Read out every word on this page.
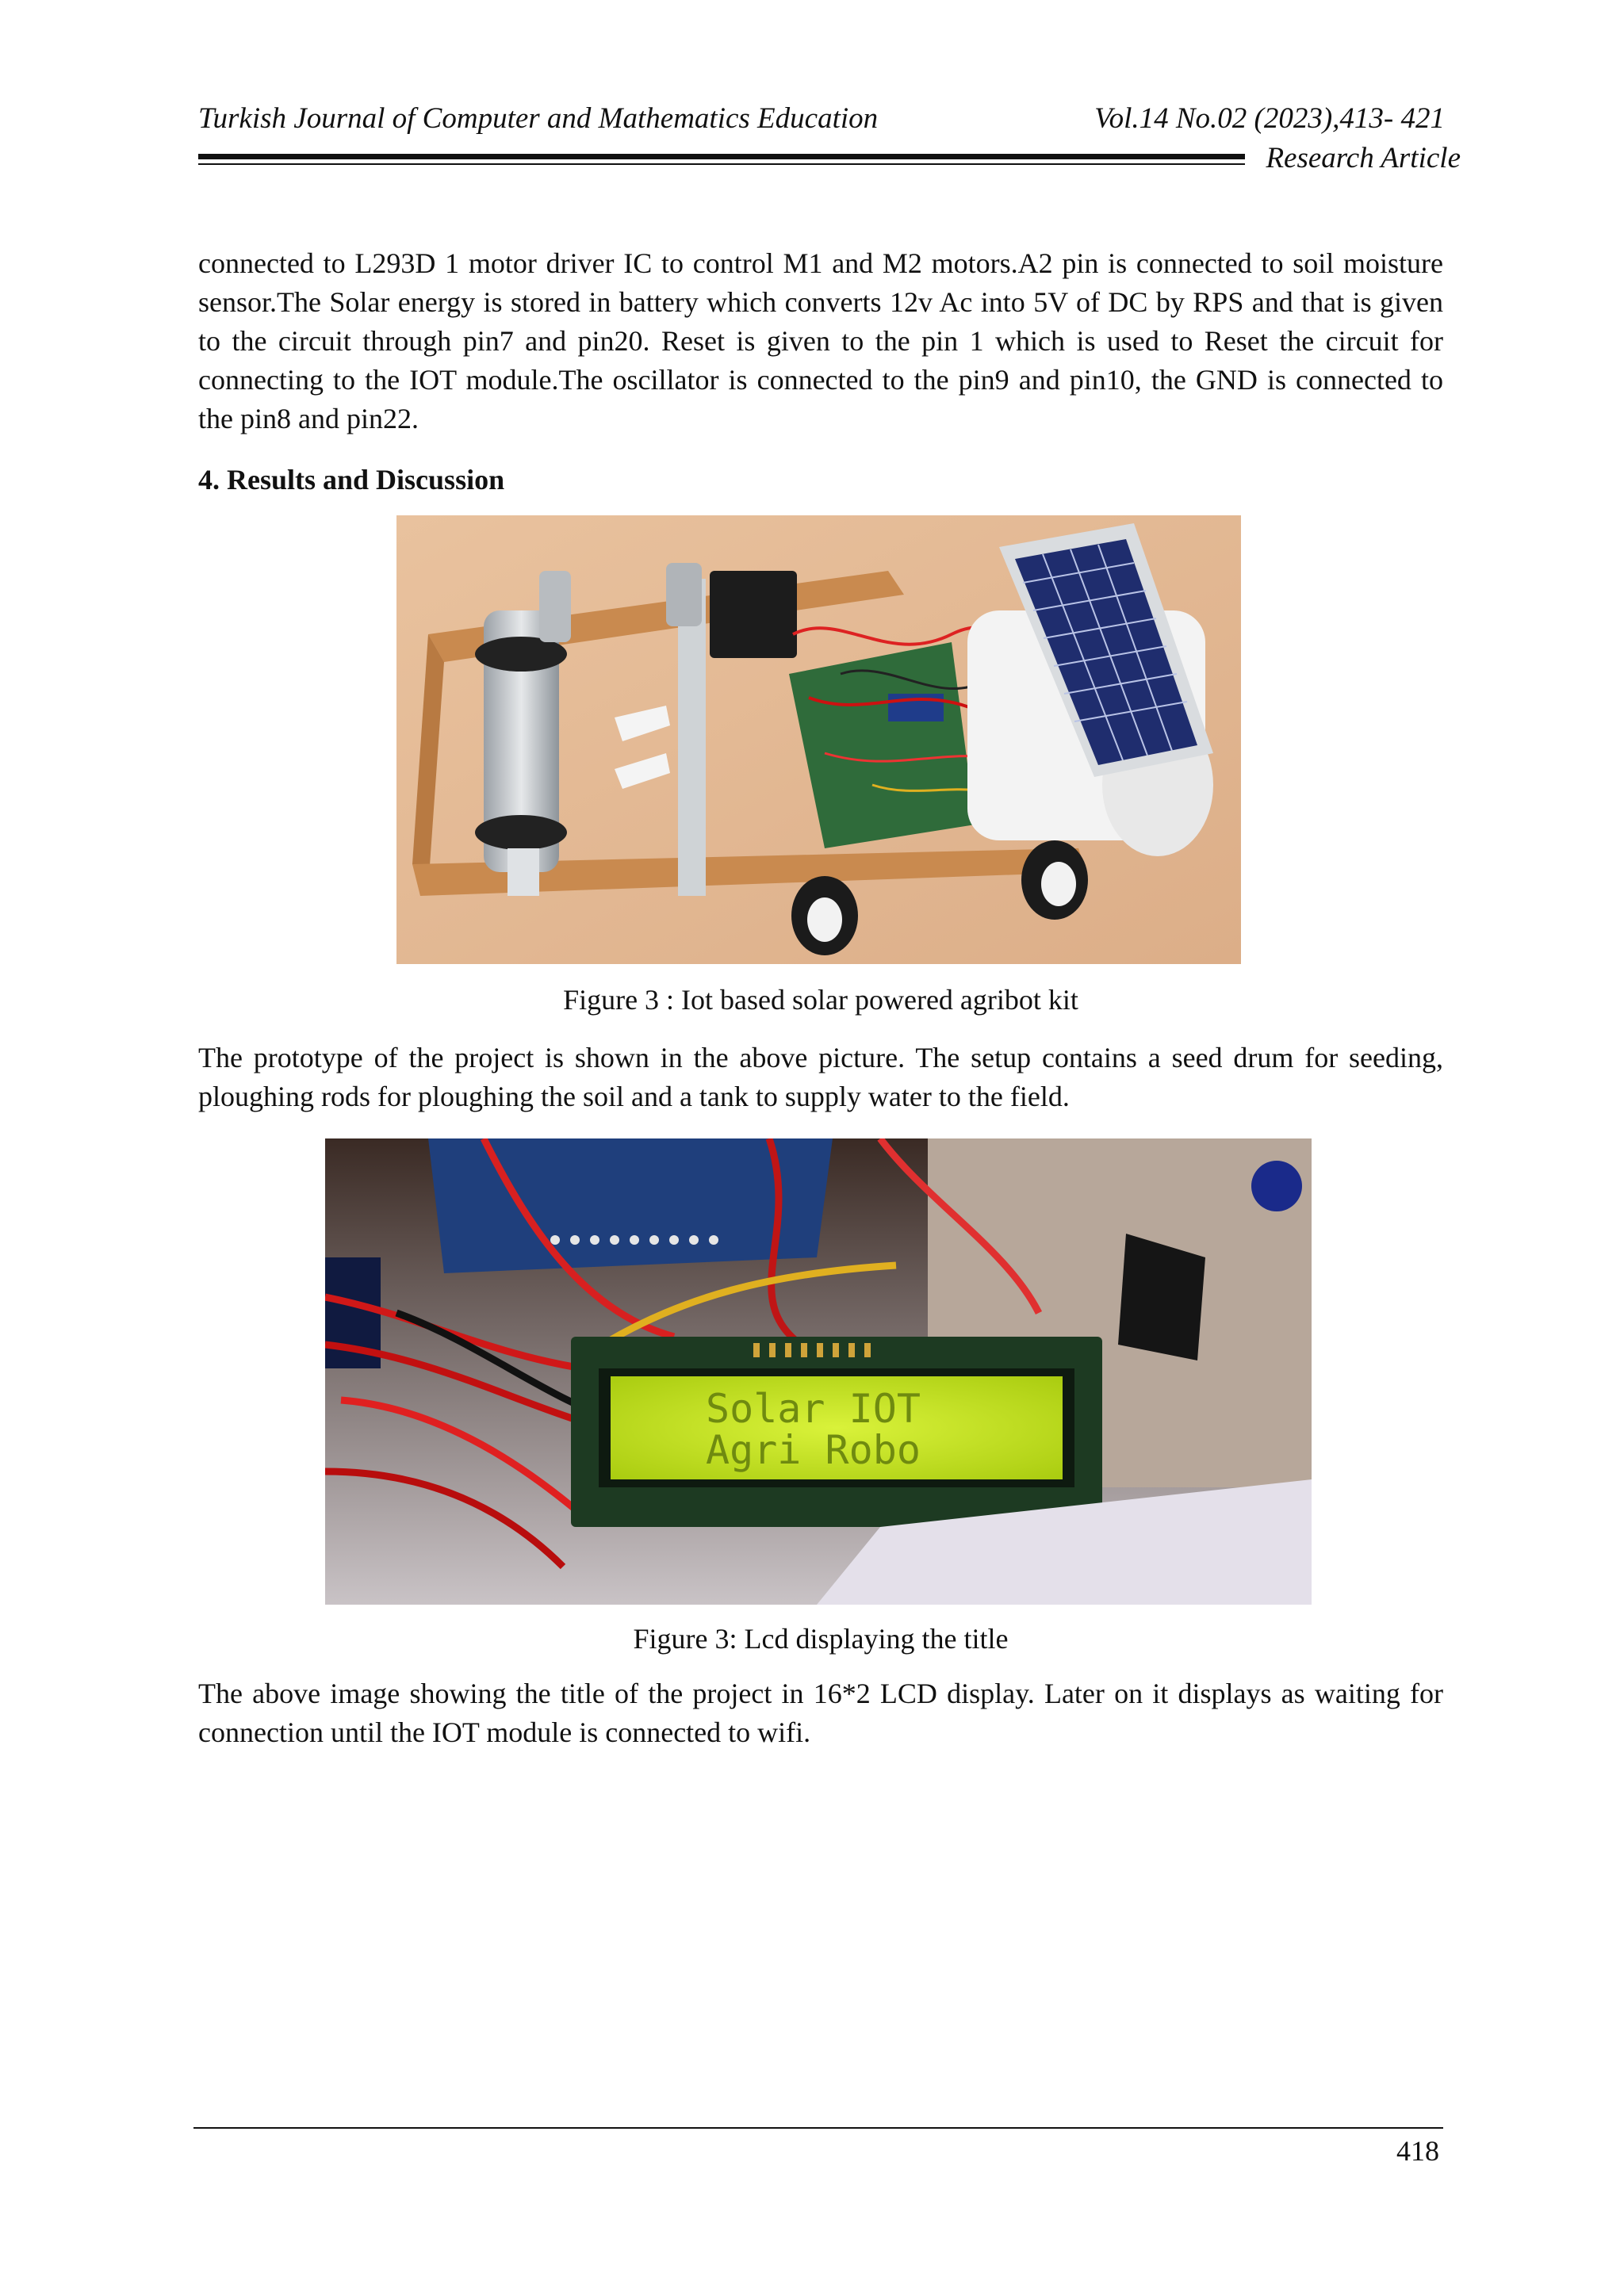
Turkish Journal of Computer and Mathematics Education	Vol.14 No.02 (2023),413- 421
Research Article

connected to L293D 1 motor driver IC to control M1 and M2 motors.A2 pin is connected to soil moisture sensor.The Solar energy is stored in battery which converts 12v Ac into 5V of DC by RPS and that is given to the circuit through pin7 and pin20. Reset is given to the pin 1 which is used to Reset the circuit for connecting to the IOT module.The oscillator is connected to the pin9 and pin10, the GND is connected to the pin8 and pin22.

4. Results and Discussion

Figure 3 : Iot based solar powered agribot kit

The prototype of the project is shown in the above picture. The setup contains a seed drum for seeding, ploughing rods for ploughing the soil and a tank to supply water to the field.

Solar IOT
Agri Robo

Figure 3: Lcd displaying the title

The above image showing the title of the project in 16*2 LCD display. Later on it displays as waiting for connection until the IOT module is connected to wifi.

418
